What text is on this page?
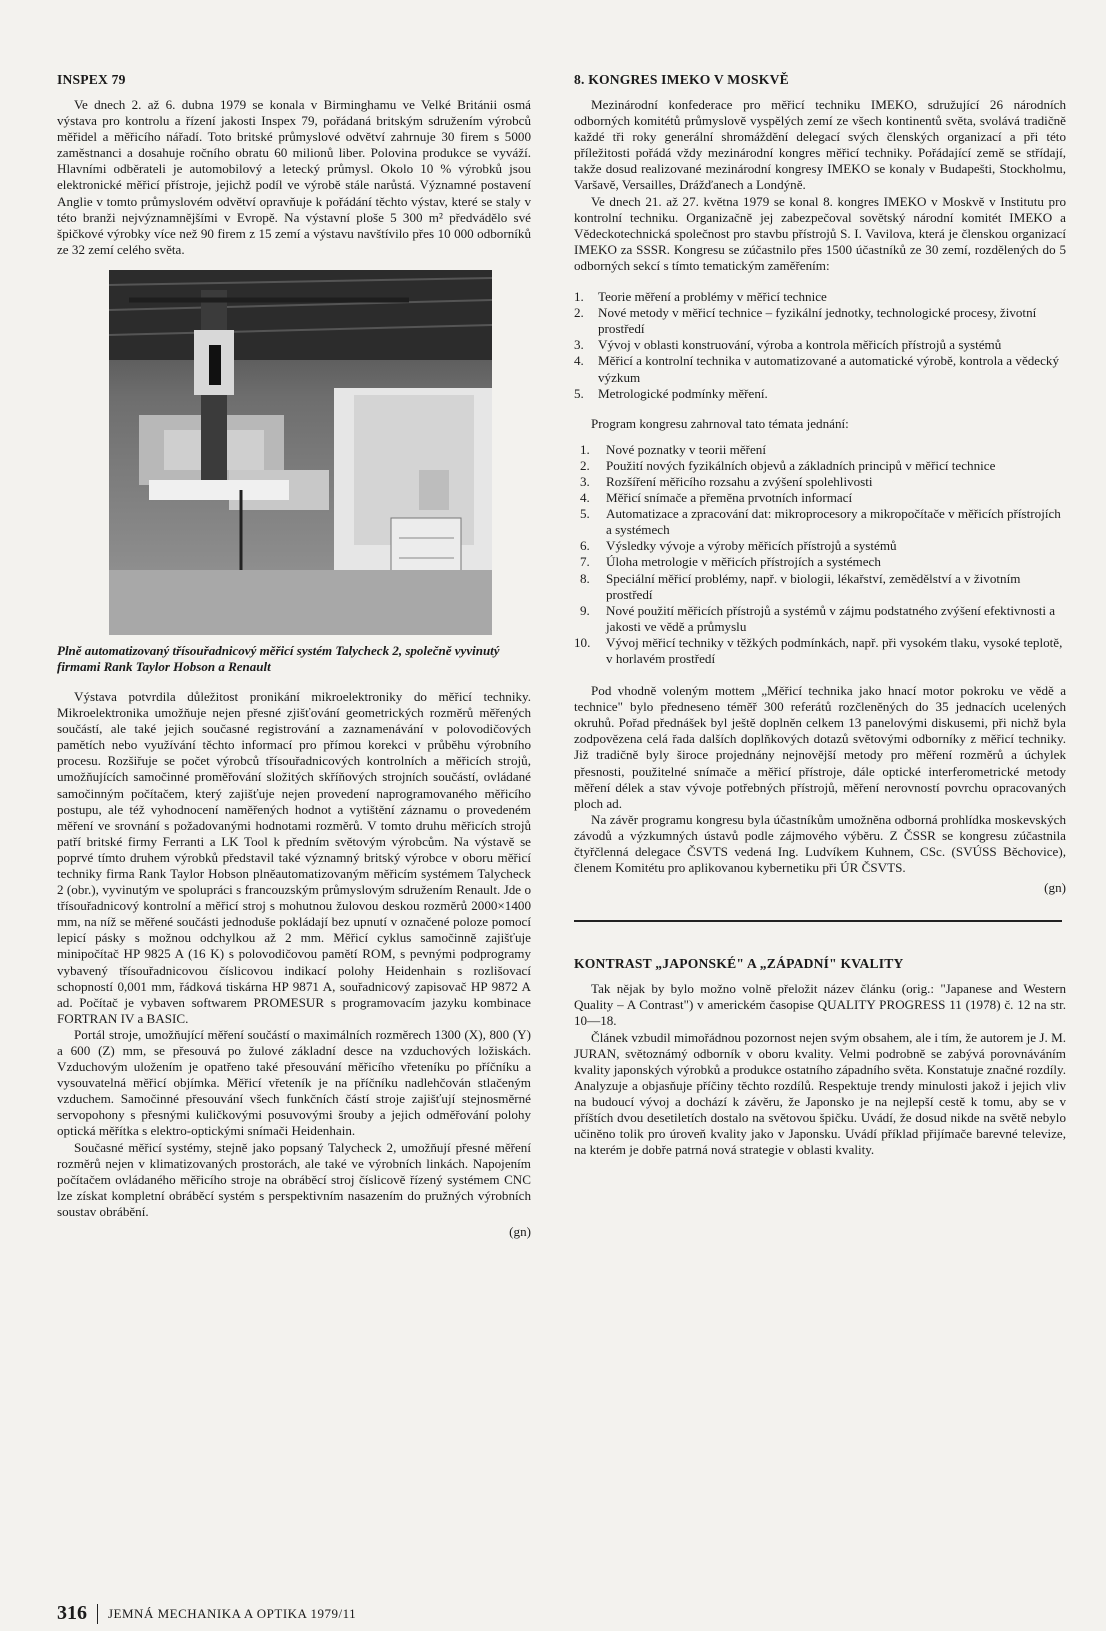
INSPEX 79

Ve dnech 2. až 6. dubna 1979 se konala v Birminghamu ve Velké Británii osmá výstava pro kontrolu a řízení jakosti Inspex 79, pořádaná britským sdružením výrobců měřidel a měřicího nářadí. Toto britské průmyslové odvětví zahrnuje 30 firem s 5000 zaměstnanci a dosahuje ročního obratu 60 milionů liber. Polovina produkce se vyváží. Hlavními odběrateli je automobilový a letecký průmysl. Okolo 10 % výrobků jsou elektronické měřicí přístroje, jejichž podíl ve výrobě stále narůstá. Významné postavení Anglie v tomto průmyslovém odvětví opravňuje k pořádání těchto výstav, které se staly v této branži nejvýznamnějšími v Evropě. Na výstavní ploše 5 300 m² předvádělo své špičkové výrobky více než 90 firem z 15 zemí a výstavu navštívilo přes 10 000 odborníků ze 32 zemí celého světa.

Plně automatizovaný třísouřadnicový měřicí systém Talycheck 2, společně vyvinutý firmami Rank Taylor Hobson a Renault

Výstava potvrdila důležitost pronikání mikroelektroniky do měřicí techniky. Mikroelektronika umožňuje nejen přesné zjišťování geometrických rozměrů měřených součástí, ale také jejich současné registrování a zaznamenávání v polovodičových pamětích nebo využívání těchto informací pro přímou korekci v průběhu výrobního procesu. Rozšiřuje se počet výrobců třísouřadnicových kontrolních a měřicích strojů, umožňujících samočinné proměřování složitých skříňových strojních součástí, ovládané samočinným počítačem, který zajišťuje nejen provedení naprogramovaného měřicího postupu, ale též vyhodnocení naměřených hodnot a vytištění záznamu o provedeném měření ve srovnání s požadovanými hodnotami rozměrů. V tomto druhu měřicích strojů patří britské firmy Ferranti a LK Tool k předním světovým výrobcům. Na výstavě se poprvé tímto druhem výrobků představil také významný britský výrobce v oboru měřicí techniky firma Rank Taylor Hobson plněautomatizovaným měřicím systémem Talycheck 2 (obr.), vyvinutým ve spolupráci s francouzským průmyslovým sdružením Renault. Jde o třísouřadnicový kontrolní a měřicí stroj s mohutnou žulovou deskou rozměrů 2000×1400 mm, na níž se měřené součásti jednoduše pokládají bez upnutí v označené poloze pomocí lepicí pásky s možnou odchylkou až 2 mm. Měřicí cyklus samočinně zajišťuje minipočítač HP 9825 A (16 K) s polovodičovou pamětí ROM, s pevnými podprogramy vybavený třísouřadnicovou číslicovou indikací polohy Heidenhain s rozlišovací schopností 0,001 mm, řádková tiskárna HP 9871 A, souřadnicový zapisovač HP 9872 A ad. Počítač je vybaven softwarem PROMESUR s programovacím jazyku kombinace FORTRAN IV a BASIC.

Portál stroje, umožňující měření součástí o maximálních rozměrech 1300 (X), 800 (Y) a 600 (Z) mm, se přesouvá po žulové základní desce na vzduchových ložiskách. Vzduchovým uložením je opatřeno také přesouvání měřicího vřeteníku po příčníku a vysouvatelná měřicí objímka. Měřicí vřeteník je na příčníku nadlehčován stlačeným vzduchem. Samočinné přesouvání všech funkčních částí stroje zajišťují stejnosměrné servopohony s přesnými kuličkovými posuvovými šrouby a jejich odměřování polohy optická měřítka s elektro-optickými snímači Heidenhain.

Současné měřicí systémy, stejně jako popsaný Talycheck 2, umožňují přesné měření rozměrů nejen v klimatizovaných prostorách, ale také ve výrobních linkách. Napojením počítačem ovládaného měřicího stroje na obráběcí stroj číslicově řízený systémem CNC lze získat kompletní obráběcí systém s perspektivním nasazením do pružných výrobních soustav obrábění.

(gn)
8. KONGRES IMEKO V MOSKVĚ

Mezinárodní konfederace pro měřicí techniku IMEKO, sdružující 26 národních odborných komitétů průmyslově vyspělých zemí ze všech kontinentů světa, svolává tradičně každé tři roky generální shromáždění delegací svých členských organizací a při této příležitosti pořádá vždy mezinárodní kongres měřicí techniky. Pořádající země se střídají, takže dosud realizované mezinárodní kongresy IMEKO se konaly v Budapešti, Stockholmu, Varšavě, Versailles, Drážďanech a Londýně.

Ve dnech 21. až 27. května 1979 se konal 8. kongres IMEKO v Moskvě v Institutu pro kontrolní techniku. Organizačně jej zabezpečoval sovětský národní komitét IMEKO a Vědeckotechnická společnost pro stavbu přístrojů S. I. Vavilova, která je členskou organizací IMEKO za SSSR. Kongresu se zúčastnilo přes 1500 účastníků ze 30 zemí, rozdělených do 5 odborných sekcí s tímto tematickým zaměřením:

1. Teorie měření a problémy v měřicí technice
2. Nové metody v měřicí technice – fyzikální jednotky, technologické procesy, životní prostředí
3. Vývoj v oblasti konstruování, výroba a kontrola měřicích přístrojů a systémů
4. Měřicí a kontrolní technika v automatizované a automatické výrobě, kontrola a vědecký výzkum
5. Metrologické podmínky měření.

Program kongresu zahrnoval tato témata jednání:

1. Nové poznatky v teorii měření
2. Použití nových fyzikálních objevů a základních principů v měřicí technice
3. Rozšíření měřicího rozsahu a zvýšení spolehlivosti
4. Měřicí snímače a přeměna prvotních informací
5. Automatizace a zpracování dat: mikroprocesory a mikropočítače v měřicích přístrojích a systémech
6. Výsledky vývoje a výroby měřicích přístrojů a systémů
7. Úloha metrologie v měřicích přístrojích a systémech
8. Speciální měřicí problémy, např. v biologii, lékařství, zemědělství a v životním prostředí
9. Nové použití měřicích přístrojů a systémů v zájmu podstatného zvýšení efektivnosti a jakosti ve vědě a průmyslu
10. Vývoj měřicí techniky v těžkých podmínkách, např. při vysokém tlaku, vysoké teplotě, v horlavém prostředí

Pod vhodně voleným mottem „Měřicí technika jako hnací motor pokroku ve vědě a technice" bylo předneseno téměř 300 referátů rozčleněných do 35 jednacích ucelených okruhů. Pořad přednášek byl ještě doplněn celkem 13 panelovými diskusemi, při nichž byla zodpovězena celá řada dalších doplňkových dotazů světovými odborníky z měřicí techniky. Již tradičně byly široce projednány nejnovější metody pro měření rozměrů a úchylek přesnosti, použitelné snímače a měřicí přístroje, dále optické interferometrické metody měření délek a stav vývoje potřebných přístrojů, měření nerovností povrchu opracovaných ploch ad.

Na závěr programu kongresu byla účastníkům umožněna odborná prohlídka moskevských závodů a výzkumných ústavů podle zájmového výběru. Z ČSSR se kongresu zúčastnila čtyřčlenná delegace ČSVTS vedená Ing. Ludvíkem Kuhnem, CSc. (SVÚSS Běchovice), členem Komitétu pro aplikovanou kybernetiku při ÚR ČSVTS.

(gn)
KONTRAST „JAPONSKÉ" A „ZÁPADNÍ" KVALITY

Tak nějak by bylo možno volně přeložit název článku (orig.: "Japanese and Western Quality – A Contrast") v americkém časopise QUALITY PROGRESS 11 (1978) č. 12 na str. 10—18.

Článek vzbudil mimořádnou pozornost nejen svým obsahem, ale i tím, že autorem je J. M. JURAN, světoznámý odborník v oboru kvality. Velmi podrobně se zabývá porovnáváním kvality japonských výrobků a produkce ostatního západního světa. Konstatuje značné rozdíly. Analyzuje a objasňuje příčiny těchto rozdílů. Respektuje trendy minulosti jakož i jejich vliv na budoucí vývoj a dochází k závěru, že Japonsko je na nejlepší cestě k tomu, aby se v příštích dvou desetiletích dostalo na světovou špičku. Uvádí, že dosud nikde na světě nebylo učiněno tolik pro úroveň kvality jako v Japonsku. Uvádí příklad přijímače barevné televize, na kterém je dobře patrná nová strategie v oblasti kvality.

316 JEMNÁ MECHANIKA A OPTIKA 1979/11
